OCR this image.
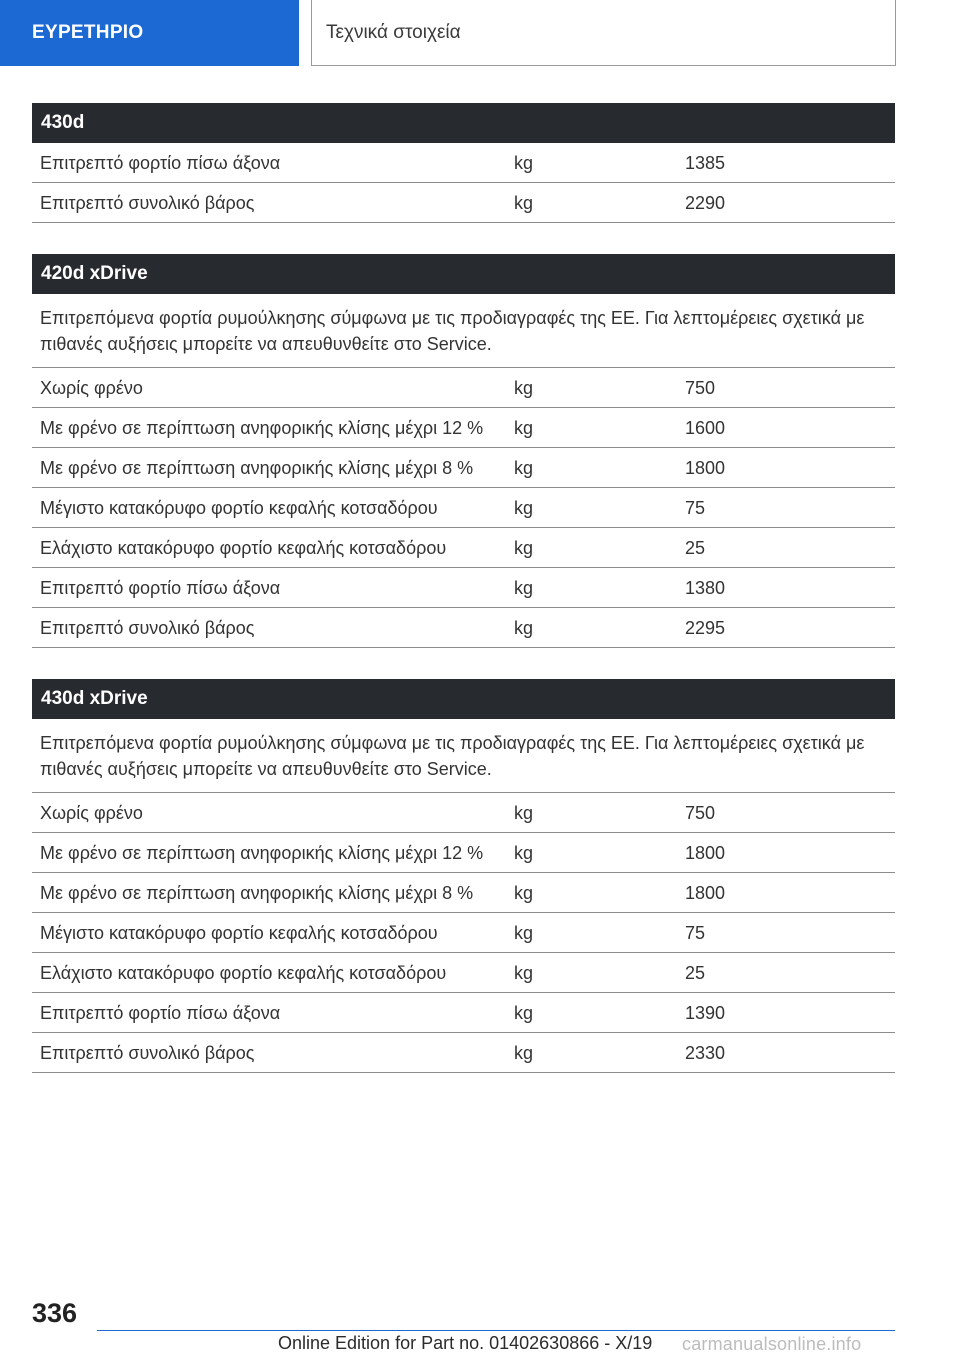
ΕΥΡΕΤΗΡΙΟ	Τεχνικά στοιχεία
430d
Επιτρεπτό φορτίο πίσω άξονα	kg	1385
Επιτρεπτό συνολικό βάρος	kg	2290
420d xDrive
Επιτρεπόμενα φορτία ρυμούλκησης σύμφωνα με τις προδιαγραφές της ΕΕ. Για λεπτομέρειες σχετικά με πιθανές αυξήσεις μπορείτε να απευθυνθείτε στο Service.
Χωρίς φρένο	kg	750
Με φρένο σε περίπτωση ανηφορικής κλίσης μέχρι 12 %	kg	1600
Με φρένο σε περίπτωση ανηφορικής κλίσης μέχρι 8 %	kg	1800
Μέγιστο κατακόρυφο φορτίο κεφαλής κοτσαδόρου	kg	75
Ελάχιστο κατακόρυφο φορτίο κεφαλής κοτσαδόρου	kg	25
Επιτρεπτό φορτίο πίσω άξονα	kg	1380
Επιτρεπτό συνολικό βάρος	kg	2295
430d xDrive
Επιτρεπόμενα φορτία ρυμούλκησης σύμφωνα με τις προδιαγραφές της ΕΕ. Για λεπτομέρειες σχετικά με πιθανές αυξήσεις μπορείτε να απευθυνθείτε στο Service.
Χωρίς φρένο	kg	750
Με φρένο σε περίπτωση ανηφορικής κλίσης μέχρι 12 %	kg	1800
Με φρένο σε περίπτωση ανηφορικής κλίσης μέχρι 8 %	kg	1800
Μέγιστο κατακόρυφο φορτίο κεφαλής κοτσαδόρου	kg	75
Ελάχιστο κατακόρυφο φορτίο κεφαλής κοτσαδόρου	kg	25
Επιτρεπτό φορτίο πίσω άξονα	kg	1390
Επιτρεπτό συνολικό βάρος	kg	2330
336
Online Edition for Part no. 01402630866 - X/19 carmanualsonline.info
